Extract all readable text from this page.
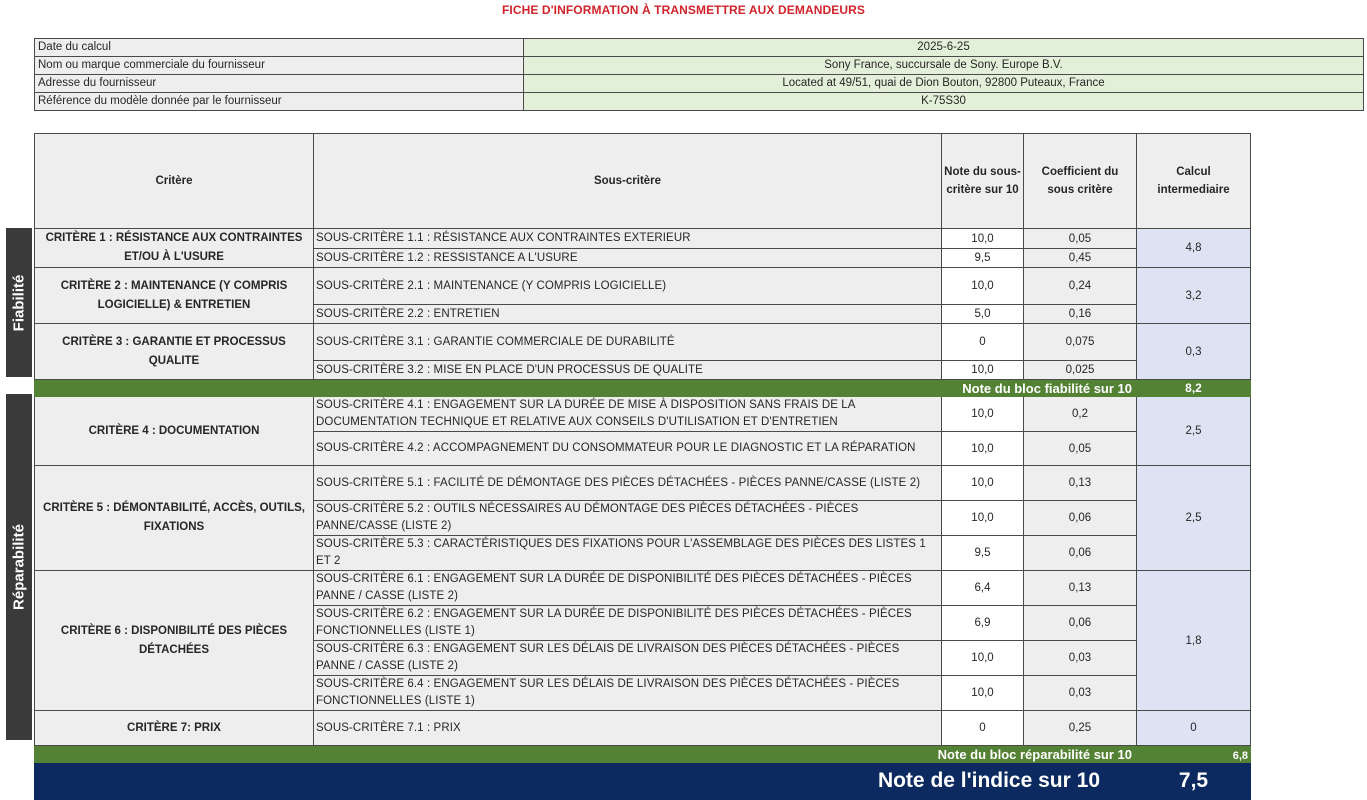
FICHE D'INFORMATION À TRANSMETTRE AUX DEMANDEURS
Date du calcul	2025-6-25
Nom ou marque commerciale du fournisseur	Sony France, succursale de Sony. Europe B.V.
Adresse du fournisseur	Located at 49/51, quai de Dion Bouton, 92800 Puteaux, France
Référence du modèle donnée par le fournisseur	K-75S30
Fiabilité
Réparabilité
Critère	Sous-critère	Note du sous-critère sur 10	Coefficient du sous critère	Calcul intermediaire
CRITÈRE 1 : RÉSISTANCE AUX CONTRAINTES ET/OU À L'USURE	SOUS-CRITÈRE 1.1 : RÉSISTANCE AUX CONTRAINTES EXTERIEUR	10,0	0,05	4,8
	SOUS-CRITÈRE 1.2 : RESSISTANCE A L'USURE	9,5	0,45	
CRITÈRE 2 : MAINTENANCE (Y COMPRIS LOGICIELLE) & ENTRETIEN	SOUS-CRITÈRE 2.1 : MAINTENANCE (Y COMPRIS LOGICIELLE)	10,0	0,24	3,2
	SOUS-CRITÈRE 2.2 : ENTRETIEN	5,0	0,16	
CRITÈRE 3 : GARANTIE ET PROCESSUS QUALITE	SOUS-CRITÈRE 3.1 : GARANTIE COMMERCIALE DE DURABILITÉ	0	0,075	0,3
	SOUS-CRITÈRE 3.2 : MISE EN PLACE D'UN PROCESSUS DE QUALITE	10,0	0,025	
Note du bloc fiabilité sur 10				8,2
CRITÈRE 4 : DOCUMENTATION	SOUS-CRITÈRE 4.1 : ENGAGEMENT SUR LA DURÉE DE MISE À DISPOSITION SANS FRAIS DE LA DOCUMENTATION TECHNIQUE ET RELATIVE AUX CONSEILS D'UTILISATION ET D'ENTRETIEN	10,0	0,2	2,5
	SOUS-CRITÈRE 4.2 : ACCOMPAGNEMENT DU CONSOMMATEUR POUR LE DIAGNOSTIC ET LA RÉPARATION	10,0	0,05	
CRITÈRE 5 : DÉMONTABILITÉ, ACCÈS, OUTILS, FIXATIONS	SOUS-CRITÈRE 5.1 : FACILITÉ DE DÉMONTAGE DES PIÈCES DÉTACHÉES - PIÈCES PANNE/CASSE (LISTE 2)	10,0	0,13	2,5
	SOUS-CRITÈRE 5.2 : OUTILS NÉCESSAIRES AU DÉMONTAGE DES PIÈCES DÉTACHÉES - PIÈCES PANNE/CASSE (LISTE 2)	10,0	0,06	
	SOUS-CRITÈRE 5.3 : CARACTÉRISTIQUES DES FIXATIONS POUR L'ASSEMBLAGE DES PIÈCES DES LISTES 1 ET 2	9,5	0,06	
CRITÈRE 6 : DISPONIBILITÉ DES PIÈCES DÉTACHÉES	SOUS-CRITÈRE 6.1 : ENGAGEMENT SUR LA DURÉE DE DISPONIBILITÉ DES PIÈCES DÉTACHÉES - PIÈCES PANNE / CASSE (LISTE 2)	6,4	0,13	1,8
	SOUS-CRITÈRE 6.2 : ENGAGEMENT SUR LA DURÉE DE DISPONIBILITÉ DES PIÈCES DÉTACHÉES - PIÈCES FONCTIONNELLES (LISTE 1)	6,9	0,06	
	SOUS-CRITÈRE 6.3 : ENGAGEMENT SUR LES DÉLAIS DE LIVRAISON DES PIÈCES DÉTACHÉES - PIÈCES PANNE / CASSE (LISTE 2)	10,0	0,03	
	SOUS-CRITÈRE 6.4 : ENGAGEMENT SUR LES DÉLAIS DE LIVRAISON DES PIÈCES DÉTACHÉES - PIÈCES FONCTIONNELLES (LISTE 1)	10,0	0,03	
CRITÈRE 7: PRIX	SOUS-CRITÈRE 7.1 : PRIX	0	0,25	0
Note du bloc réparabilité sur 10				6,8
Note de l'indice sur 10				7,5
